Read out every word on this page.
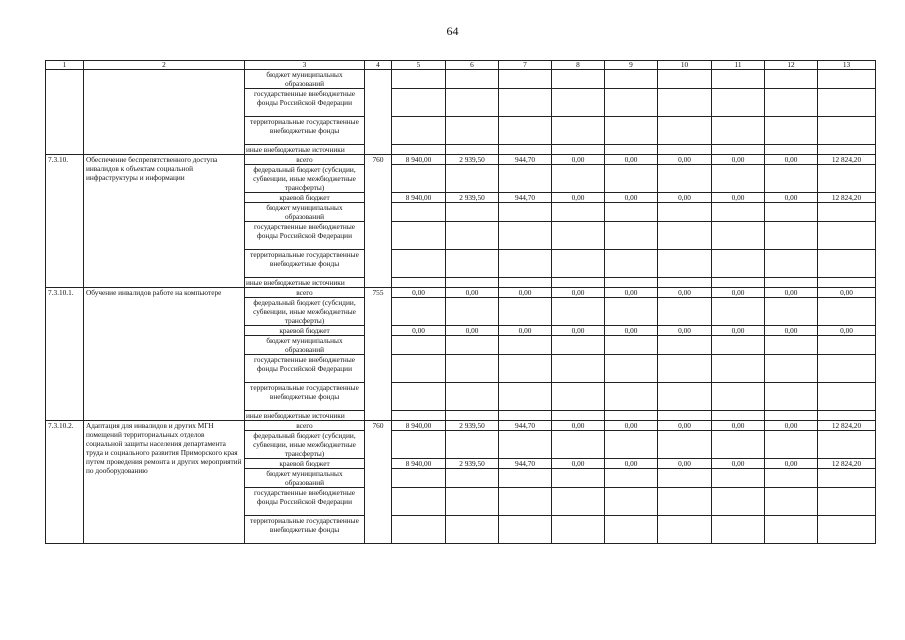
64
1	2	3	4	5	6	7	8	9	10	11	12	13
		бюджет муниципальных образований										
		государственные внебюджетные фонды Российской Федерации										
		территориальные государственные внебюджетные фонды										
		иные внебюджетные источники										
7.3.10.	Обеспечение беспрепятственного доступа инвалидов к объектам социальной инфраструктуры и информации	всего	760	8 940,00	2 939,50	944,70	0,00	0,00	0,00	0,00	0,00	12 824,20
		федеральный бюджет (субсидии, субвенции, иные межбюджетные трансферты)										
		краевой бюджет		8 940,00	2 939,50	944,70	0,00	0,00	0,00	0,00	0,00	12 824,20
		бюджет муниципальных образований										
		государственные внебюджетные фонды Российской Федерации										
		территориальные государственные внебюджетные фонды										
		иные внебюджетные источники										
7.3.10.1.	Обучение инвалидов работе на компьютере	всего	755	0,00	0,00	0,00	0,00	0,00	0,00	0,00	0,00	0,00
		федеральный бюджет (субсидии, субвенции, иные межбюджетные трансферты)										
		краевой бюджет		0,00	0,00	0,00	0,00	0,00	0,00	0,00	0,00	0,00
		бюджет муниципальных образований										
		государственные внебюджетные фонды Российской Федерации										
		территориальные государственные внебюджетные фонды										
		иные внебюджетные источники										
7.3.10.2.	Адаптация для инвалидов и других МГН помещений территориальных отделов социальной защиты населения департамента труда и социального развития Приморского края путем проведения ремонта и других мероприятий по дооборудованию	всего	760	8 940,00	2 939,50	944,70	0,00	0,00	0,00	0,00	0,00	12 824,20
		федеральный бюджет (субсидии, субвенции, иные межбюджетные трансферты)										
		краевой бюджет		8 940,00	2 939,50	944,70	0,00	0,00	0,00	0,00	0,00	12 824,20
		бюджет муниципальных образований										
		государственные внебюджетные фонды Российской Федерации										
		территориальные государственные внебюджетные фонды										
